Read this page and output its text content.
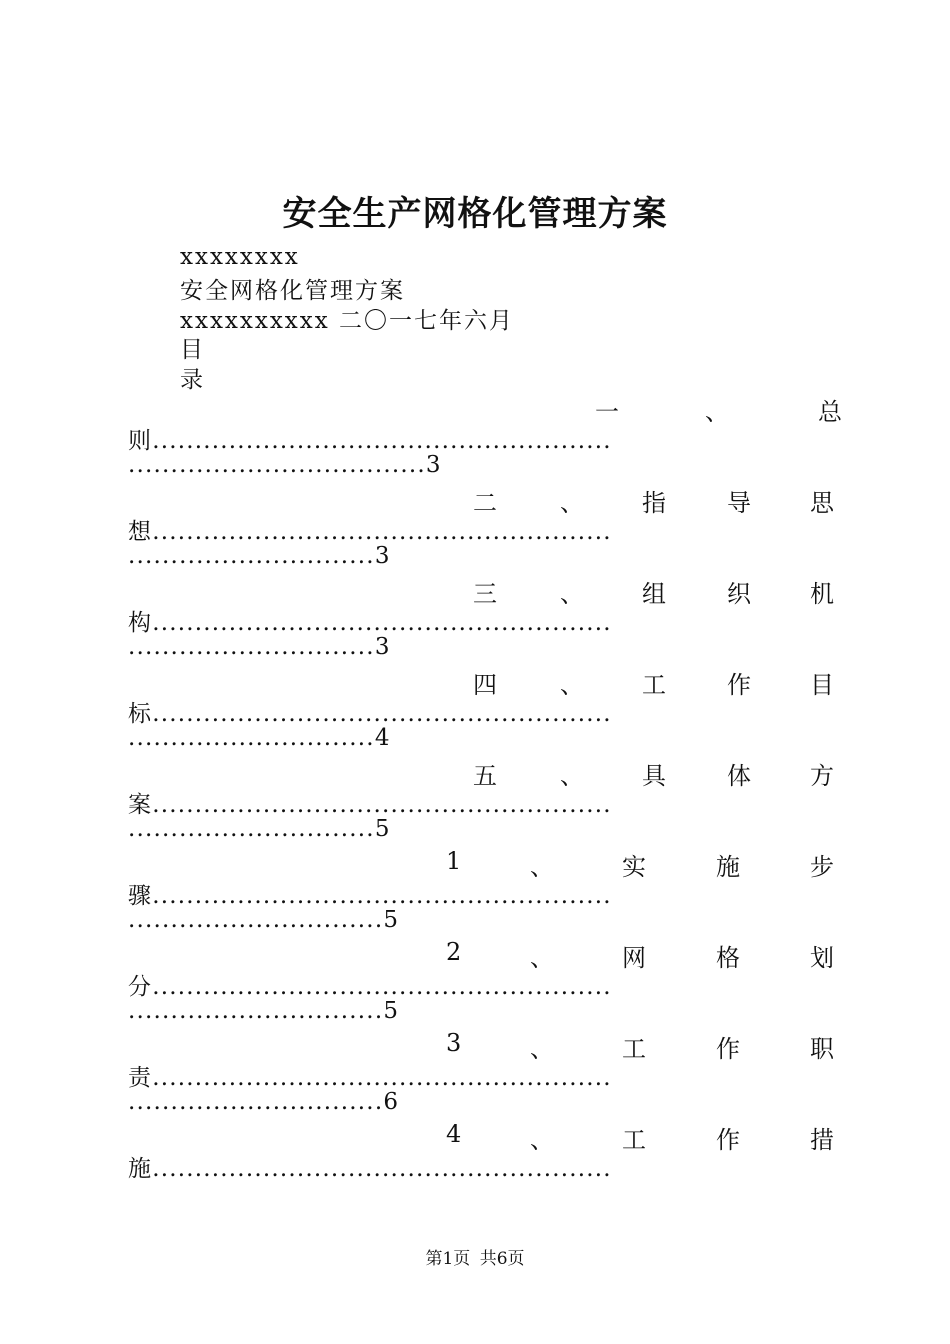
安全生产网格化管理方案
xxxxxxxx
安全网格化管理方案
xxxxxxxxxx 二〇一七年六月
目
录
第1页 共6页
一	、	总
则......................................................
...................................3
二	、 指	导 思
想......................................................
.............................3
三	、 组	织 机
构......................................................
.............................3
四	、 工	作 目
标......................................................
.............................4
五	、 具	体 方
案......................................................
.............................5
1	、	实	施	步
骤......................................................
..............................5
2	、	网	格	划
分......................................................
..............................5
3	、	工	作	职
责......................................................
..............................6
4	、	工	作	措
施......................................................
